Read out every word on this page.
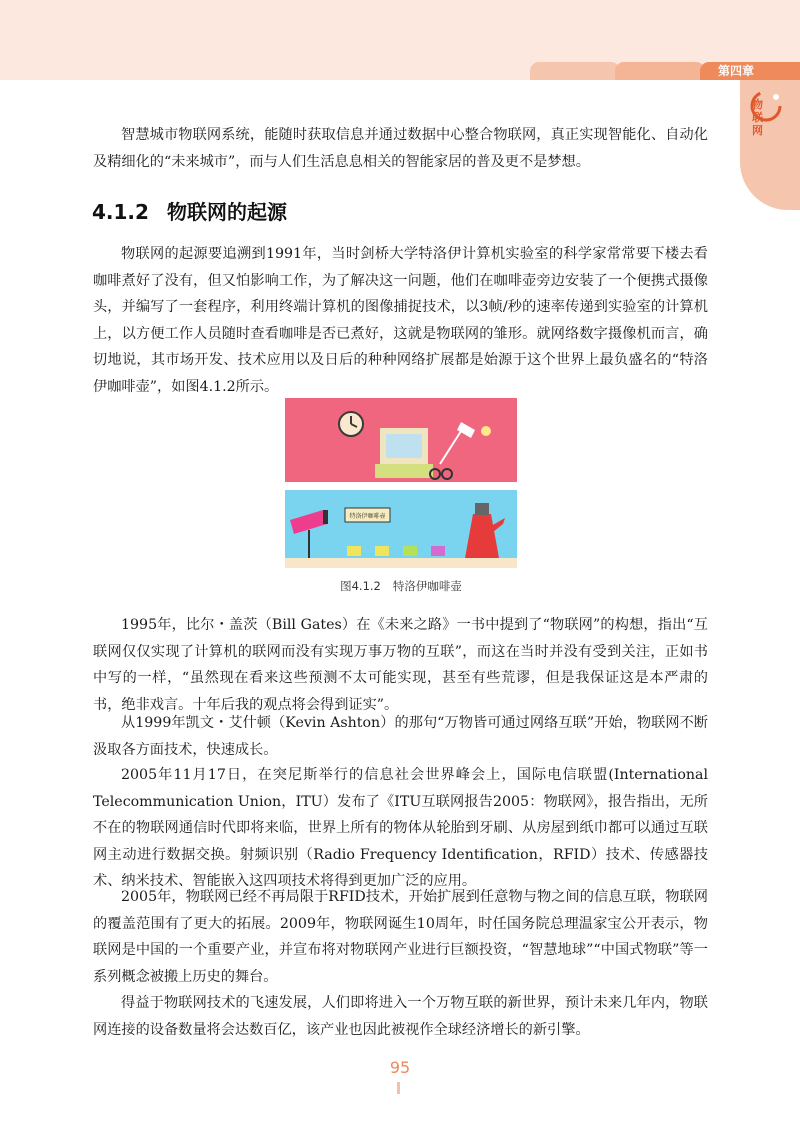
第四章
物联网

智慧城市物联网系统，能随时获取信息并通过数据中心整合物联网，真正实现智能化、自动化及精细化的“未来城市”，而与人们生活息息相关的智能家居的普及更不是梦想。

4.1.2 物联网的起源

物联网的起源要追溯到1991年，当时剑桥大学特洛伊计算机实验室的科学家常常要下楼去看咖啡煮好了没有，但又怕影响工作，为了解决这一问题，他们在咖啡壶旁边安装了一个便携式摄像头，并编写了一套程序，利用终端计算机的图像捕捉技术，以3帧/秒的速率传递到实验室的计算机上，以方便工作人员随时查看咖啡是否已煮好，这就是物联网的雏形。就网络数字摄像机而言，确切地说，其市场开发、技术应用以及日后的种种网络扩展都是始源于这个世界上最负盛名的“特洛伊咖啡壶”，如图4.1.2所示。

特洛伊咖啡壶
图4.1.2 特洛伊咖啡壶

1995年，比尔・盖茨（Bill Gates）在《未来之路》一书中提到了“物联网”的构想，指出“互联网仅仅实现了计算机的联网而没有实现万事万物的互联”，而这在当时并没有受到关注，正如书中写的一样，“虽然现在看来这些预测不太可能实现，甚至有些荒谬，但是我保证这是本严肃的书，绝非戏言。十年后我的观点将会得到证实”。

从1999年凯文・艾什顿（Kevin Ashton）的那句“万物皆可通过网络互联”开始，物联网不断汲取各方面技术，快速成长。

2005年11月17日，在突尼斯举行的信息社会世界峰会上，国际电信联盟(International Telecommunication Union，ITU）发布了《ITU互联网报告2005：物联网》，报告指出，无所不在的物联网通信时代即将来临，世界上所有的物体从轮胎到牙刷、从房屋到纸巾都可以通过互联网主动进行数据交换。射频识别（Radio Frequency Identification，RFID）技术、传感器技术、纳米技术、智能嵌入这四项技术将得到更加广泛的应用。

2005年，物联网已经不再局限于RFID技术，开始扩展到任意物与物之间的信息互联，物联网的覆盖范围有了更大的拓展。2009年，物联网诞生10周年，时任国务院总理温家宝公开表示，物联网是中国的一个重要产业，并宣布将对物联网产业进行巨额投资，“智慧地球”“中国式物联”等一系列概念被搬上历史的舞台。

得益于物联网技术的飞速发展，人们即将进入一个万物互联的新世界，预计未来几年内，物联网连接的设备数量将会达数百亿，该产业也因此被视作全球经济增长的新引擎。

95
